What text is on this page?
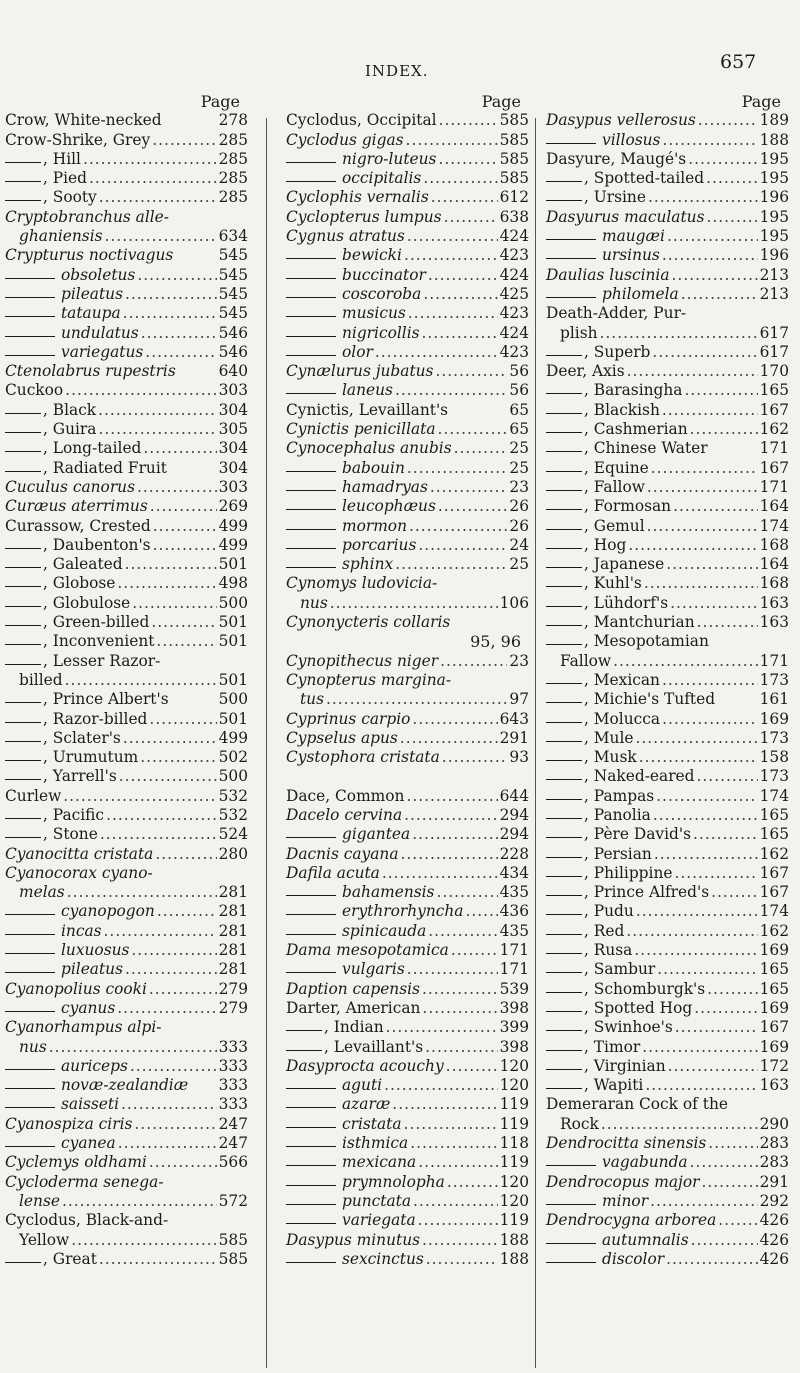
INDEX.	657
Page
Crow, White-necked	278
Crow-Shrike, Grey .....	285
, Hill .....	285
, Pied .....	285
, Sooty .....	285
Cryptobranchus alle-
ghaniensis .....	634
Crypturus noctivagus	545
obsoletus .....	545
pileatus .....	545
tataupa .....	545
undulatus .....	546
variegatus .....	546
Ctenolabrus rupestris	640
Cuckoo .....	303
, Black .....	304
, Guira .....	305
, Long-tailed .....	304
, Radiated Fruit	304
Cuculus canorus .....	303
Curæus aterrimus .....	269
Curassow, Crested .....	499
, Daubenton's .....	499
, Galeated .....	501
, Globose .....	498
, Globulose .....	500
, Green-billed .....	501
, Inconvenient .....	501
, Lesser Razor-
billed .....	501
, Prince Albert's	500
, Razor-billed .....	501
, Sclater's .....	499
, Urumutum .....	502
, Yarrell's .....	500
Curlew .....	532
, Pacific .....	532
, Stone .....	524
Cyanocitta cristata .....	280
Cyanocorax cyano-
melas .....	281
cyanopogon .....	281
incas .....	281
luxuosus .....	281
pileatus .....	281
Cyanopolius cooki .....	279
cyanus .....	279
Cyanorhampus alpi-
nus .....	333
auriceps .....	333
novæ-zealandiæ 333
saisseti .....	333
Cyanospiza ciris .....	247
cyanea .....	247
Cyclemys oldhami .....	566
Cycloderma senega-
lense .....	572
Cyclodus, Black-and-
Yellow .....	585
, Great .....	585
Page
Cyclodus, Occipital .....	585
Cyclodus gigas .....	585
nigro-luteus .....	585
occipitalis .....	585
Cyclophis vernalis .....	612
Cyclopterus lumpus .....	638
Cygnus atratus .....	424
bewicki .....	423
buccinator .....	424
coscoroba .....	425
musicus .....	423
nigricollis .....	424
olor .....	423
Cynælurus jubatus .....	56
laneus .....	56
Cynictis, Levaillant's	65
Cynictis penicillata .....	65
Cynocephalus anubis .....	25
babouin .....	25
hamadryas .....	23
leucophæus .....	26
mormon .....	26
porcarius .....	24
sphinx .....	25
Cynomys ludovicia-
nus .....	106
Cynonycteris collaris
95, 96
Cynopithecus niger .....	23
Cynopterus margina-
tus .....	97
Cyprinus carpio .....	643
Cypselus apus .....	291
Cystophora cristata .....	93
Dace, Common .....	644
Dacelo cervina .....	294
gigantea .....	294
Dacnis cayana .....	228
Dafila acuta .....	434
bahamensis .....	435
erythrorhyncha ..... 436
spinicauda .....	435
Dama mesopotamica .....	171
vulgaris .....	171
Daption capensis .....	539
Darter, American .....	398
, Indian .....	399
, Levaillant's .....	398
Dasyprocta acouchy .....	120
aguti .....	120
azaræ .....	119
cristata .....	119
isthmica .....	118
mexicana .....	119
prymnolopha .....	120
punctata .....	120
variegata .....	119
Dasypus minutus .....	188
sexcinctus .....	188
Page
Dasypus vellerosus .....	189
villosus .....	188
Dasyure, Maugé's .....	195
, Spotted-tailed .....	195
, Ursine .....	196
Dasyurus maculatus .....	195
maugæi .....	195
ursinus .....	196
Daulias luscinia .....	213
philomela .....	213
Death-Adder, Pur-
plish .....	617
, Superb .....	617
Deer, Axis .....	170
, Barasingha .....	165
, Blackish .....	167
, Cashmerian .....	162
, Chinese Water	171
, Equine .....	167
, Fallow .....	171
, Formosan .....	164
, Gemul .....	174
, Hog .....	168
, Japanese .....	164
, Kuhl's .....	168
, Lühdorf's .....	163
, Mantchurian .....	163
, Mesopotamian
Fallow .....	171
, Mexican .....	173
, Michie's Tufted	161
, Molucca .....	169
, Mule .....	173
, Musk .....	158
, Naked-eared .....	173
, Pampas .....	174
, Panolia .....	165
, Père David's .....	165
, Persian .....	162
, Philippine .....	167
, Prince Alfred's .....	167
, Pudu .....	174
, Red .....	162
, Rusa .....	169
, Sambur .....	165
, Schomburgk's .....	165
, Spotted Hog .....	169
, Swinhoe's .....	167
, Timor .....	169
, Virginian .....	172
, Wapiti .....	163
Demeraran Cock of the
Rock .....	290
Dendrocitta sinensis .....	283
vagabunda .....	283
Dendrocopus major .....	291
minor .....	292
Dendrocygna arborea .....	426
autumnalis .....	426
discolor .....	426
